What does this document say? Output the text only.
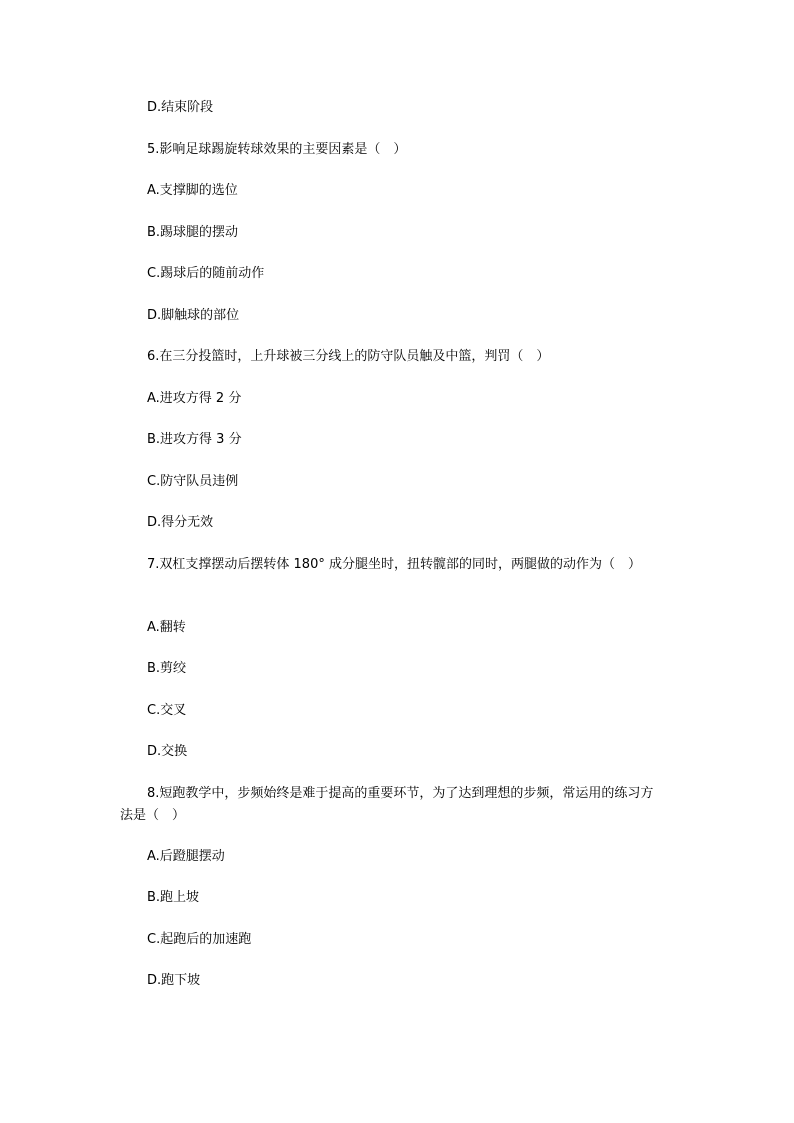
D.结束阶段
5.影响足球踢旋转球效果的主要因素是（　）
A.支撑脚的选位
B.踢球腿的摆动
C.踢球后的随前动作
D.脚触球的部位
6.在三分投篮时，上升球被三分线上的防守队员触及中篮，判罚（　）
A.进攻方得 2 分
B.进攻方得 3 分
C.防守队员违例
D.得分无效
7.双杠支撑摆动后摆转体 180° 成分腿坐时，扭转髋部的同时，两腿做的动作为（　）
A.翻转
B.剪绞
C.交叉
D.交换
8.短跑教学中，步频始终是难于提高的重要环节，为了达到理想的步频，常运用的练习方法是（　）
A.后蹬腿摆动
B.跑上坡
C.起跑后的加速跑
D.跑下坡
